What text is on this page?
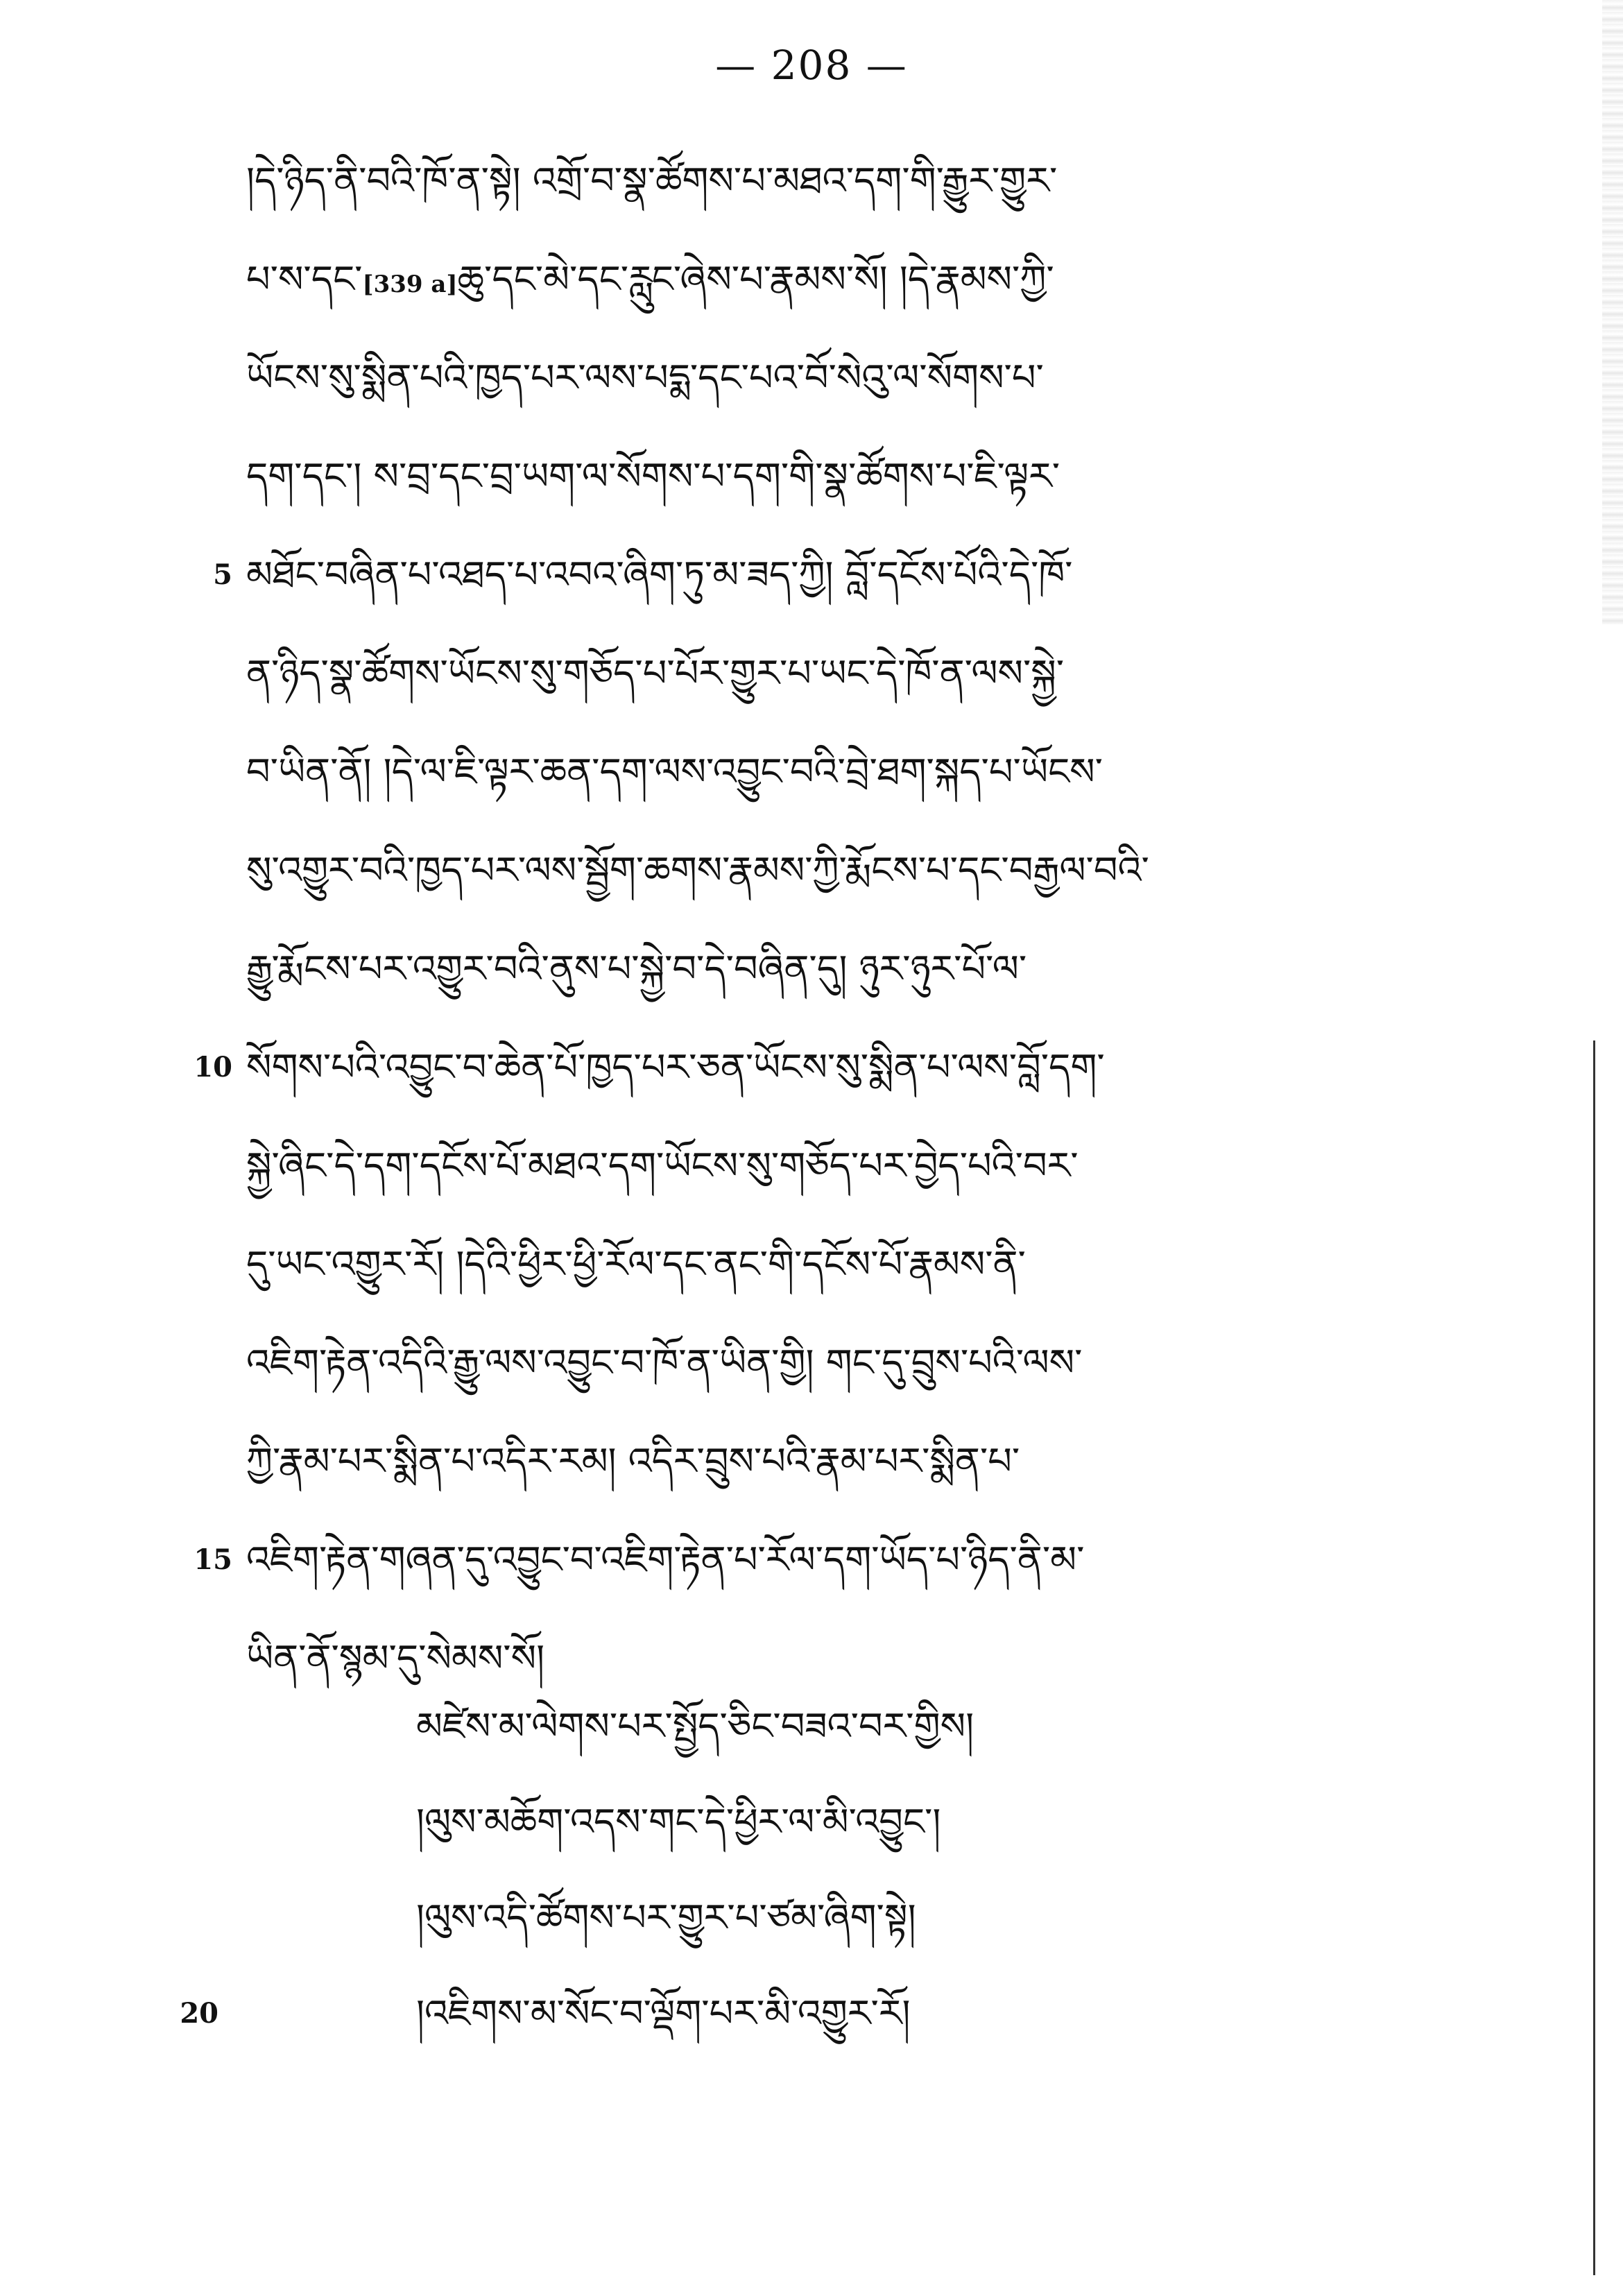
— 208 —
།དེ་ཉིད་ནི་བའི་ཁོ་ན་སྟེ། འགྲོ་བ་སྣ་ཚོགས་པ་མཐའ་དག་གི་རྒྱུར་གྱུར་
པ་ས་དང་[339 a]ཆུ་དང་མེ་དང་རླུང་ཞེས་པ་རྣམས་སོ། །དེ་རྣམས་ཀྱི་
ཡོངས་སུ་སྨིན་པའི་ཁྱད་པར་ལས་པདྨ་དང་པའ་བོ་སེའུ་ལ་སོགས་པ་
དག་དང་། ས་བྲ་དང་བྲ་ཡག་ལ་སོགས་པ་དག་གི་སྣ་ཚོགས་པ་ཇི་ལྟར་
5 མཐོང་བཞིན་པ་འཐད་པ་འབའ་ཞིག་ཏུ་མ་ཟད་ཀྱི། བློ་དངོས་པོའི་དེ་ཁོ་
ན་ཉིད་སྣ་ཚོགས་ཡོངས་སུ་གཅོད་པ་པོར་གྱུར་པ་ཡང་དེ་ཁོ་ན་ལས་སྐྱེ་
བ་ཡིན་ནོ། །དེ་ལ་ཇི་ལྟར་ཆན་དག་ལས་འབྱུང་བའི་བྲེ་ཐག་སྐད་པ་ཡོངས་
སུ་འགྱུར་བའི་ཁྱད་པར་ལས་སྦྱོག་ཆགས་རྣམས་ཀྱི་རྨོངས་པ་དང་བརྒྱལ་བའི་
རྒྱུ་རྨོངས་པར་འགྱུར་བའི་ནུས་པ་སྐྱེ་བ་དེ་བཞིན་དུ། ཉུར་ཉུར་པོ་ལ་
10 སོགས་པའི་འབྱུང་བ་ཆེན་པོ་ཁྱད་པར་ཅན་ཡོངས་སུ་སྨིན་པ་ལས་བློ་དག་
སྐྱེ་ཞིང་དེ་དག་དངོས་པོ་མཐའ་དག་ཡོངས་སུ་གཅོད་པར་བྱེད་པའི་བར་
དུ་ཡང་འགྱུར་རོ། །དེའི་ཕྱིར་ཕྱི་རོལ་དང་ནང་གི་དངོས་པོ་རྣམས་ནི་
འཇིག་རྟེན་འདིའི་རྒྱུ་ལས་འབྱུང་བ་ཁོ་ན་ཡིན་གྱི། གང་དུ་བྲུས་པའི་ལས་
ཀྱི་རྣམ་པར་སྨིན་པ་འདིར་རམ། འདིར་བྲུས་པའི་རྣམ་པར་སྨིན་པ་
15 འཇིག་རྟེན་གཞན་དུ་འབྱུང་བ་འཇིག་རྟེན་པ་རོལ་དག་ཡོད་པ་ཉིད་ནི་མ་
ཡིན་ནོ་སྙམ་དུ་སེམས་སོ།
མཛེས་མ་ལེགས་པར་སྤྱོད་ཅིང་བཟའ་བར་གྱིས།
།ལུས་མཆོག་འདས་གང་དེ་ཕྱིར་ལ་མི་འབྱུང་།
།ལུས་འདི་ཚོགས་པར་གྱུར་པ་ཙམ་ཞིག་སྟེ།
20	།འཇིགས་མ་སོང་བ་ལྡོག་པར་མི་འགྱུར་རོ།
